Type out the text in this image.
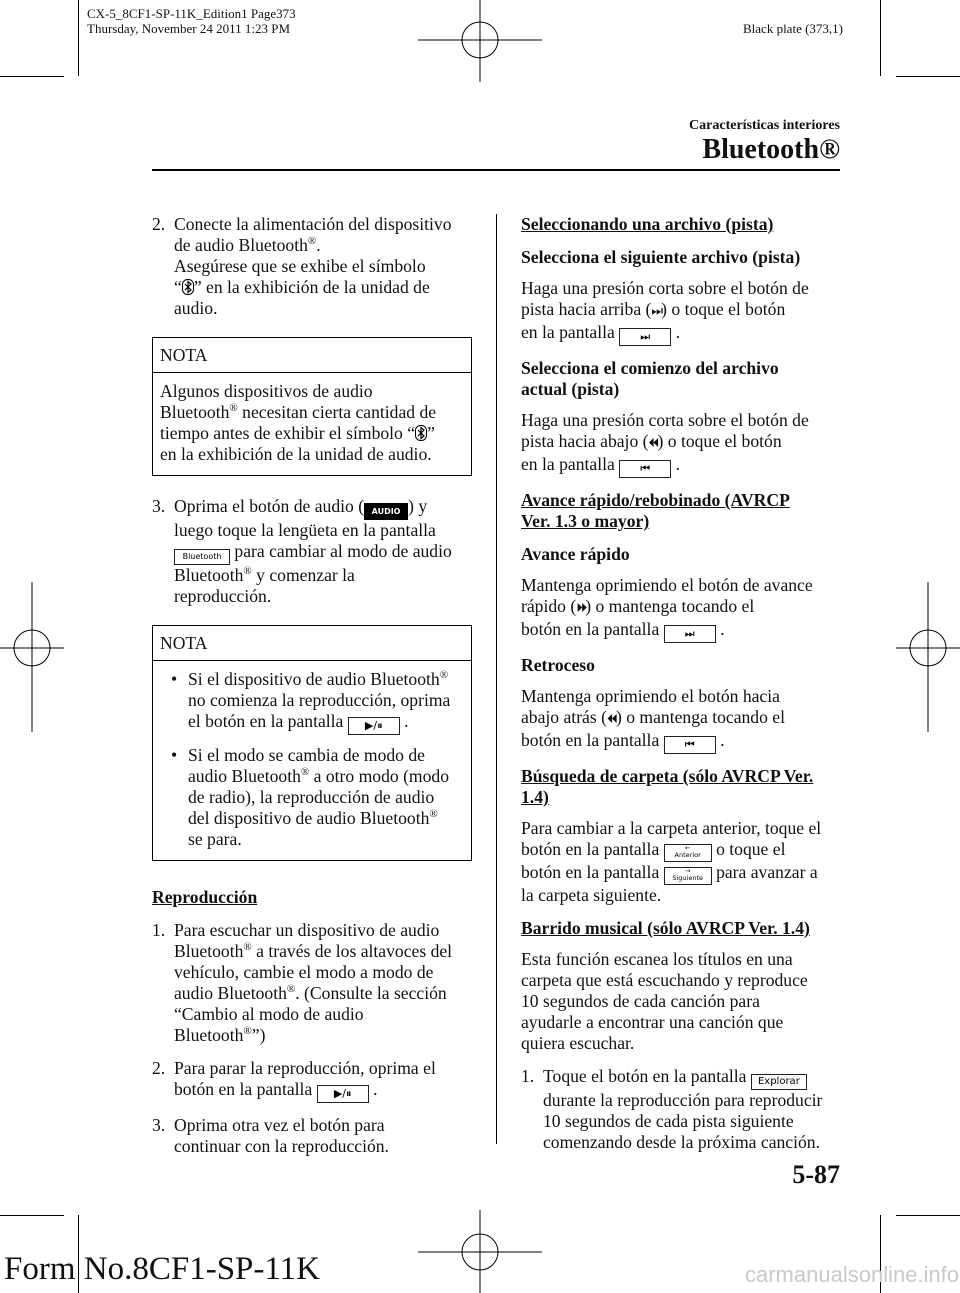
CX-5_8CF1-SP-11K_Edition1 Page373
Thursday, November 24 2011 1:23 PM	Black plate (373,1)
Características interiores
Bluetooth®
2. Conecte la alimentación del dispositivo

de audio Bluetooth®.

Asegúrese que se exhibe el símbolo

“ ” en la exhibición de la unidad de

audio.

NOTA

Algunos dispositivos de audio

Bluetooth® necesitan cierta cantidad de

tiempo antes de exhibir el símbolo “ ”

en la exhibición de la unidad de audio.

3. Oprima el botón de audio ( AUDIO ) y

luego toque la lengüeta en la pantalla

Bluetooth para cambiar al modo de audio

Bluetooth® y comenzar la

reproducción.

NOTA
• Si el dispositivo de audio Bluetooth®

no comienza la reproducción, oprima

el botón en la pantalla ▶/⏸ .

• Si el modo se cambia de modo de

audio Bluetooth® a otro modo (modo

de radio), la reproducción de audio

del dispositivo de audio Bluetooth®

se para.

Reproducción

1. Para escuchar un dispositivo de audio

Bluetooth® a través de los altavoces del

vehículo, cambie el modo a modo de

audio Bluetooth®. (Consulte la sección

“Cambio al modo de audio

Bluetooth®”)

2. Para parar la reproducción, oprima el

botón en la pantalla ▶/⏸ .

3. Oprima otra vez el botón para

continuar con la reproducción.

Seleccionando una archivo (pista)

Selecciona el siguiente archivo (pista)

Haga una presión corta sobre el botón de

pista hacia arriba (⏭) o toque el botón

en la pantalla ⏭ .

Selecciona el comienzo del archivo

actual (pista)

Haga una presión corta sobre el botón de

pista hacia abajo (⏴⏴) o toque el botón

en la pantalla ⏮ .

Avance rápido/rebobinado (AVRCP

Ver. 1.3 o mayor)

Avance rápido

Mantenga oprimiendo el botón de avance

rápido (⏵⏵) o mantenga tocando el

botón en la pantalla ⏭ .

Retroceso

Mantenga oprimiendo el botón hacia

abajo atrás (⏴⏴) o mantenga tocando el

botón en la pantalla ⏮ .

Búsqueda de carpeta (sólo AVRCP Ver.

1.4)

Para cambiar a la carpeta anterior, toque el

botón en la pantalla	←
Anterior o toque el

botón en la pantalla	→
Siguiente para avanzar a

la carpeta siguiente.

Barrido musical (sólo AVRCP Ver. 1.4)

Esta función escanea los títulos en una

carpeta que está escuchando y reproduce

10 segundos de cada canción para

ayudarle a encontrar una canción que

quiera escuchar.

1. Toque el botón en la pantalla Explorar

durante la reproducción para reproducir

10 segundos de cada pista siguiente

comenzando desde la próxima canción.

5-87
Form No.8CF1-SP-11K	carmanualsonline.info
